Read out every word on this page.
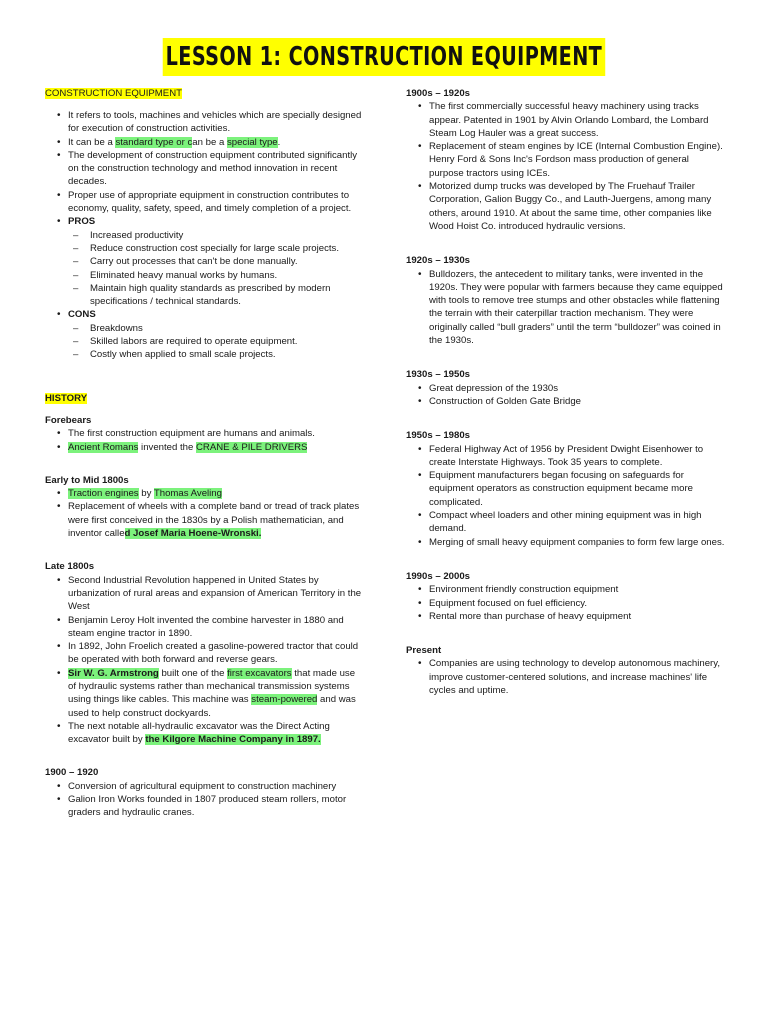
LESSON 1: CONSTRUCTION EQUIPMENT
CONSTRUCTION EQUIPMENT
• It refers to tools, machines and vehicles which are specially designed for execution of construction activities.
• It can be a standard type or can be a special type.
• The development of construction equipment contributed significantly on the construction technology and method innovation in recent decades.
• Proper use of appropriate equipment in construction contributes to economy, quality, safety, speed, and timely completion of a project.
• PROS
– Increased productivity
– Reduce construction cost specially for large scale projects.
– Carry out processes that can't be done manually.
– Eliminated heavy manual works by humans.
– Maintain high quality standards as prescribed by modern specifications / technical standards.
• CONS
– Breakdowns
– Skilled labors are required to operate equipment.
– Costly when applied to small scale projects.
HISTORY
Forebears
• The first construction equipment are humans and animals.
• Ancient Romans invented the CRANE & PILE DRIVERS
Early to Mid 1800s
• Traction engines by Thomas Aveling
• Replacement of wheels with a complete band or tread of track plates were first conceived in the 1830s by a Polish mathematician, and inventor called Josef Maria Hoene-Wronski.
Late 1800s
• Second Industrial Revolution happened in United States by urbanization of rural areas and expansion of American Territory in the West
• Benjamin Leroy Holt invented the combine harvester in 1880 and steam engine tractor in 1890.
• In 1892, John Froelich created a gasoline-powered tractor that could be operated with both forward and reverse gears.
• Sir W. G. Armstrong built one of the first excavators that made use of hydraulic systems rather than mechanical transmission systems using things like cables. This machine was steam-powered and was used to help construct dockyards.
• The next notable all-hydraulic excavator was the Direct Acting excavator built by the Kilgore Machine Company in 1897.
1900 – 1920
• Conversion of agricultural equipment to construction machinery
• Galion Iron Works founded in 1807 produced steam rollers, motor graders and hydraulic cranes.
1900s – 1920s
• The first commercially successful heavy machinery using tracks appear. Patented in 1901 by Alvin Orlando Lombard, the Lombard Steam Log Hauler was a great success.
• Replacement of steam engines by ICE (Internal Combustion Engine). Henry Ford & Sons Inc's Fordson mass production of general purpose tractors using ICEs.
• Motorized dump trucks was developed by The Fruehauf Trailer Corporation, Galion Buggy Co., and Lauth-Juergens, among many others, around 1910. At about the same time, other companies like Wood Hoist Co. introduced hydraulic versions.
1920s – 1930s
• Bulldozers, the antecedent to military tanks, were invented in the 1920s. They were popular with farmers because they came equipped with tools to remove tree stumps and other obstacles while flattening the terrain with their caterpillar traction mechanism. They were originally called “bull graders” until the term “bulldozer” was coined in the 1930s.
1930s – 1950s
• Great depression of the 1930s
• Construction of Golden Gate Bridge
1950s – 1980s
• Federal Highway Act of 1956 by President Dwight Eisenhower to create Interstate Highways. Took 35 years to complete.
• Equipment manufacturers began focusing on safeguards for equipment operators as construction equipment became more complicated.
• Compact wheel loaders and other mining equipment was in high demand.
• Merging of small heavy equipment companies to form few large ones.
1990s – 2000s
• Environment friendly construction equipment
• Equipment focused on fuel efficiency.
• Rental more than purchase of heavy equipment
Present
• Companies are using technology to develop autonomous machinery, improve customer-centered solutions, and increase machines' life cycles and uptime.
